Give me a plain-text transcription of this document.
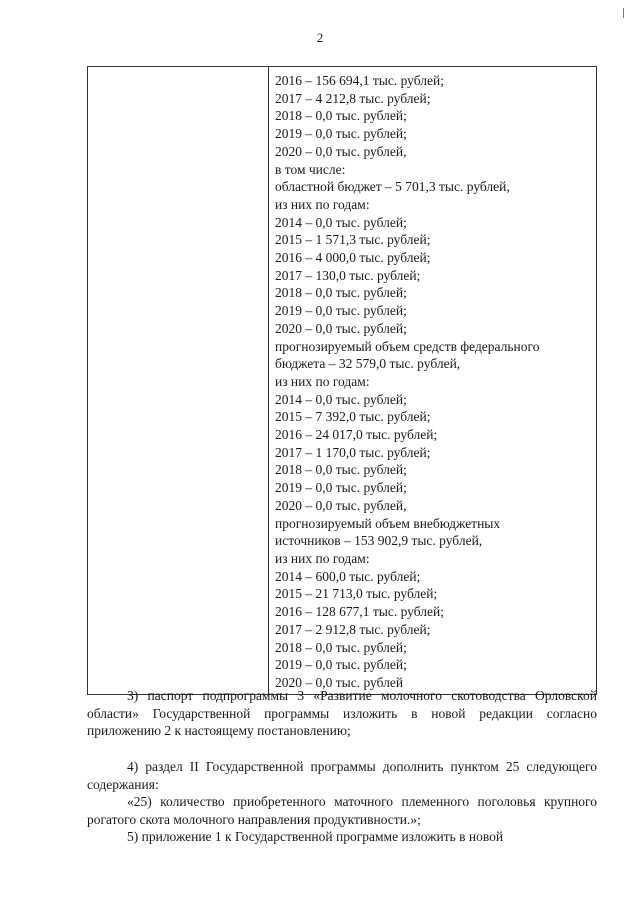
2

2016 – 156 694,1 тыс. рублей;
2017 – 4 212,8 тыс. рублей;
2018 – 0,0 тыс. рублей;
2019 – 0,0 тыс. рублей;
2020 – 0,0 тыс. рублей,
в том числе:
областной бюджет – 5 701,3 тыс. рублей,
из них по годам:
2014 – 0,0 тыс. рублей;
2015 – 1 571,3 тыс. рублей;
2016 – 4 000,0 тыс. рублей;
2017 – 130,0 тыс. рублей;
2018 – 0,0 тыс. рублей;
2019 – 0,0 тыс. рублей;
2020 – 0,0 тыс. рублей;
прогнозируемый объем средств федерального
бюджета – 32 579,0 тыс. рублей,
из них по годам:
2014 – 0,0 тыс. рублей;
2015 – 7 392,0 тыс. рублей;
2016 – 24 017,0 тыс. рублей;
2017 – 1 170,0 тыс. рублей;
2018 – 0,0 тыс. рублей;
2019 – 0,0 тыс. рублей;
2020 – 0,0 тыс. рублей,
прогнозируемый объем внебюджетных
источников – 153 902,9 тыс. рублей,
из них по годам:
2014 – 600,0 тыс. рублей;
2015 – 21 713,0 тыс. рублей;
2016 – 128 677,1 тыс. рублей;
2017 – 2 912,8 тыс. рублей;
2018 – 0,0 тыс. рублей;
2019 – 0,0 тыс. рублей;
2020 – 0,0 тыс. рублей
3) паспорт подпрограммы 3 «Развитие молочного скотоводства Орловской области» Государственной программы изложить в новой редакции согласно приложению 2 к настоящему постановлению;
4) раздел II Государственной программы дополнить пунктом 25 следующего содержания:
«25) количество приобретенного маточного племенного поголовья крупного рогатого скота молочного направления продуктивности.»;
5) приложение 1 к Государственной программе изложить в новой
